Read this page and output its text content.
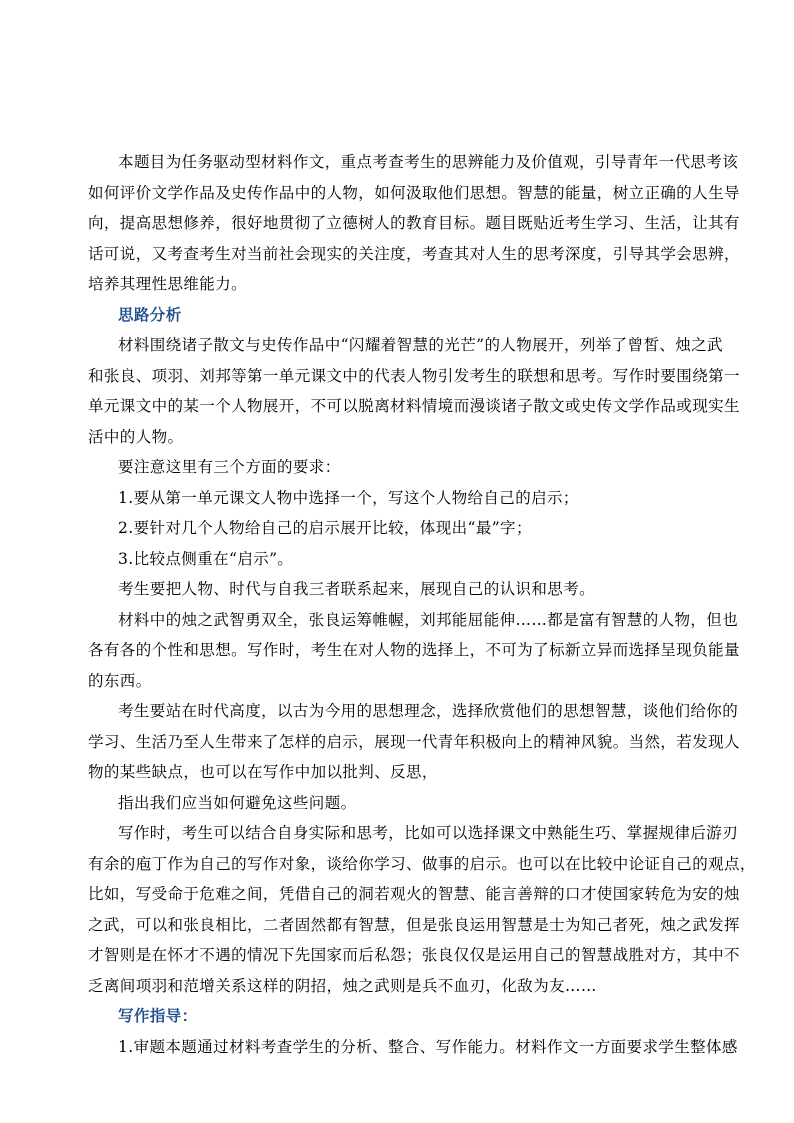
本题目为任务驱动型材料作文，重点考查考生的思辨能力及价值观，引导青年一代思考该

如何评价文学作品及史传作品中的人物，如何汲取他们思想。智慧的能量，树立正确的人生导

向，提高思想修养，很好地贯彻了立德树人的教育目标。题目既贴近考生学习、生活，让其有

话可说，又考查考生对当前社会现实的关注度，考查其对人生的思考深度，引导其学会思辨，

培养其理性思维能力。

思路分析

材料围绕诸子散文与史传作品中“闪耀着智慧的光芒”的人物展开，列举了曾皙、烛之武

和张良、项羽、刘邦等第一单元课文中的代表人物引发考生的联想和思考。写作时要围绕第一

单元课文中的某一个人物展开，不可以脱离材料情境而漫谈诸子散文或史传文学作品或现实生

活中的人物。

要注意这里有三个方面的要求：

1.要从第一单元课文人物中选择一个，写这个人物给自己的启示；

2.要针对几个人物给自己的启示展开比较，体现出“最”字；

3.比较点侧重在“启示”。

考生要把人物、时代与自我三者联系起来，展现自己的认识和思考。

材料中的烛之武智勇双全，张良运筹帷幄，刘邦能屈能伸……都是富有智慧的人物，但也

各有各的个性和思想。写作时，考生在对人物的选择上，不可为了标新立异而选择呈现负能量

的东西。

考生要站在时代高度，以古为今用的思想理念，选择欣赏他们的思想智慧，谈他们给你的

学习、生活乃至人生带来了怎样的启示，展现一代青年积极向上的精神风貌。当然，若发现人

物的某些缺点，也可以在写作中加以批判、反思，

指出我们应当如何避免这些问题。

写作时，考生可以结合自身实际和思考，比如可以选择课文中熟能生巧、掌握规律后游刃

有余的庖丁作为自己的写作对象，谈给你学习、做事的启示。也可以在比较中论证自己的观点，

比如，写受命于危难之间，凭借自己的洞若观火的智慧、能言善辩的口才使国家转危为安的烛

之武，可以和张良相比，二者固然都有智慧，但是张良运用智慧是士为知己者死，烛之武发挥

才智则是在怀才不遇的情况下先国家而后私怨；张良仅仅是运用自己的智慧战胜对方，其中不

乏离间项羽和范增关系这样的阴招，烛之武则是兵不血刃，化敌为友……

写作指导：

1.审题本题通过材料考查学生的分析、整合、写作能力。材料作文一方面要求学生整体感
